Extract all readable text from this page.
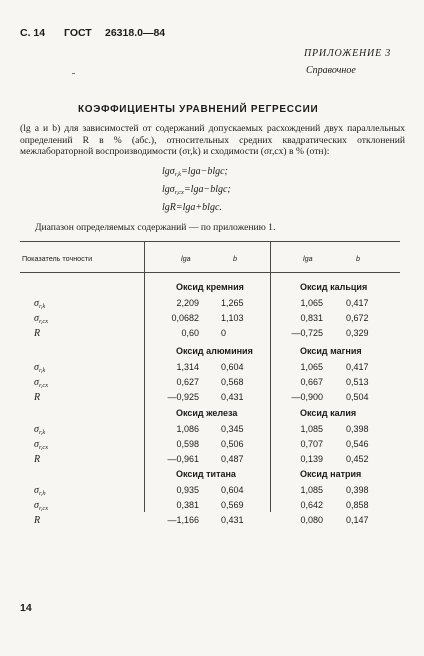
С. 14 ГОСТ 26318.0—84
ПРИЛОЖЕНИЕ 3
Справочное
КОЭФФИЦИЕНТЫ УРАВНЕНИЙ РЕГРЕССИИ
(lg a и b) для зависимостей от содержаний допускаемых расхождений двух параллельных определений R в % (абс.), относительных средних квадратических отклонений межлабораторной воспроизводимости (σr,k) и сходимости (σr,cx) в % (отн):
lgσ$_{r,k}$=lga−blgc;
lgσ$_{r,cx}$=lga−blgc;
lgR=lga+blgc.
Диапазон определяемых содержаний — по приложению 1.
Показатель точности	lga	b	lga	b
Оксид кремния	Оксид кальция
$\sigma_{r,k}$	2,209 1,265	1,065	0,417
$\sigma_{r,cx}$	0,0682 1,103	0,831	0,672
R	0,60 0	—0,725	0,329
Оксид алюминия	Оксид магния
$\sigma_{r,k}$	1,314 0,604	1,065	0,417
$\sigma_{r,cx}$	0,627 0,568	0,667	0,513
R	—0,925 0,431	—0,900	0,504
Оксид железа	Оксид калия
$\sigma_{r,k}$	1,086 0,345	1,085	0,398
$\sigma_{r,cx}$	0,598 0,506	0,707	0,546
R	—0,961 0,487	0,139	0,452
Оксид титана	Оксид натрия
$\sigma_{r,h}$	0,935 0,604	1,085	0,398
$\sigma_{r,cx}$	0,381 0,569	0,642	0,858
R	—1,166 0,431	0,080	0,147
14
